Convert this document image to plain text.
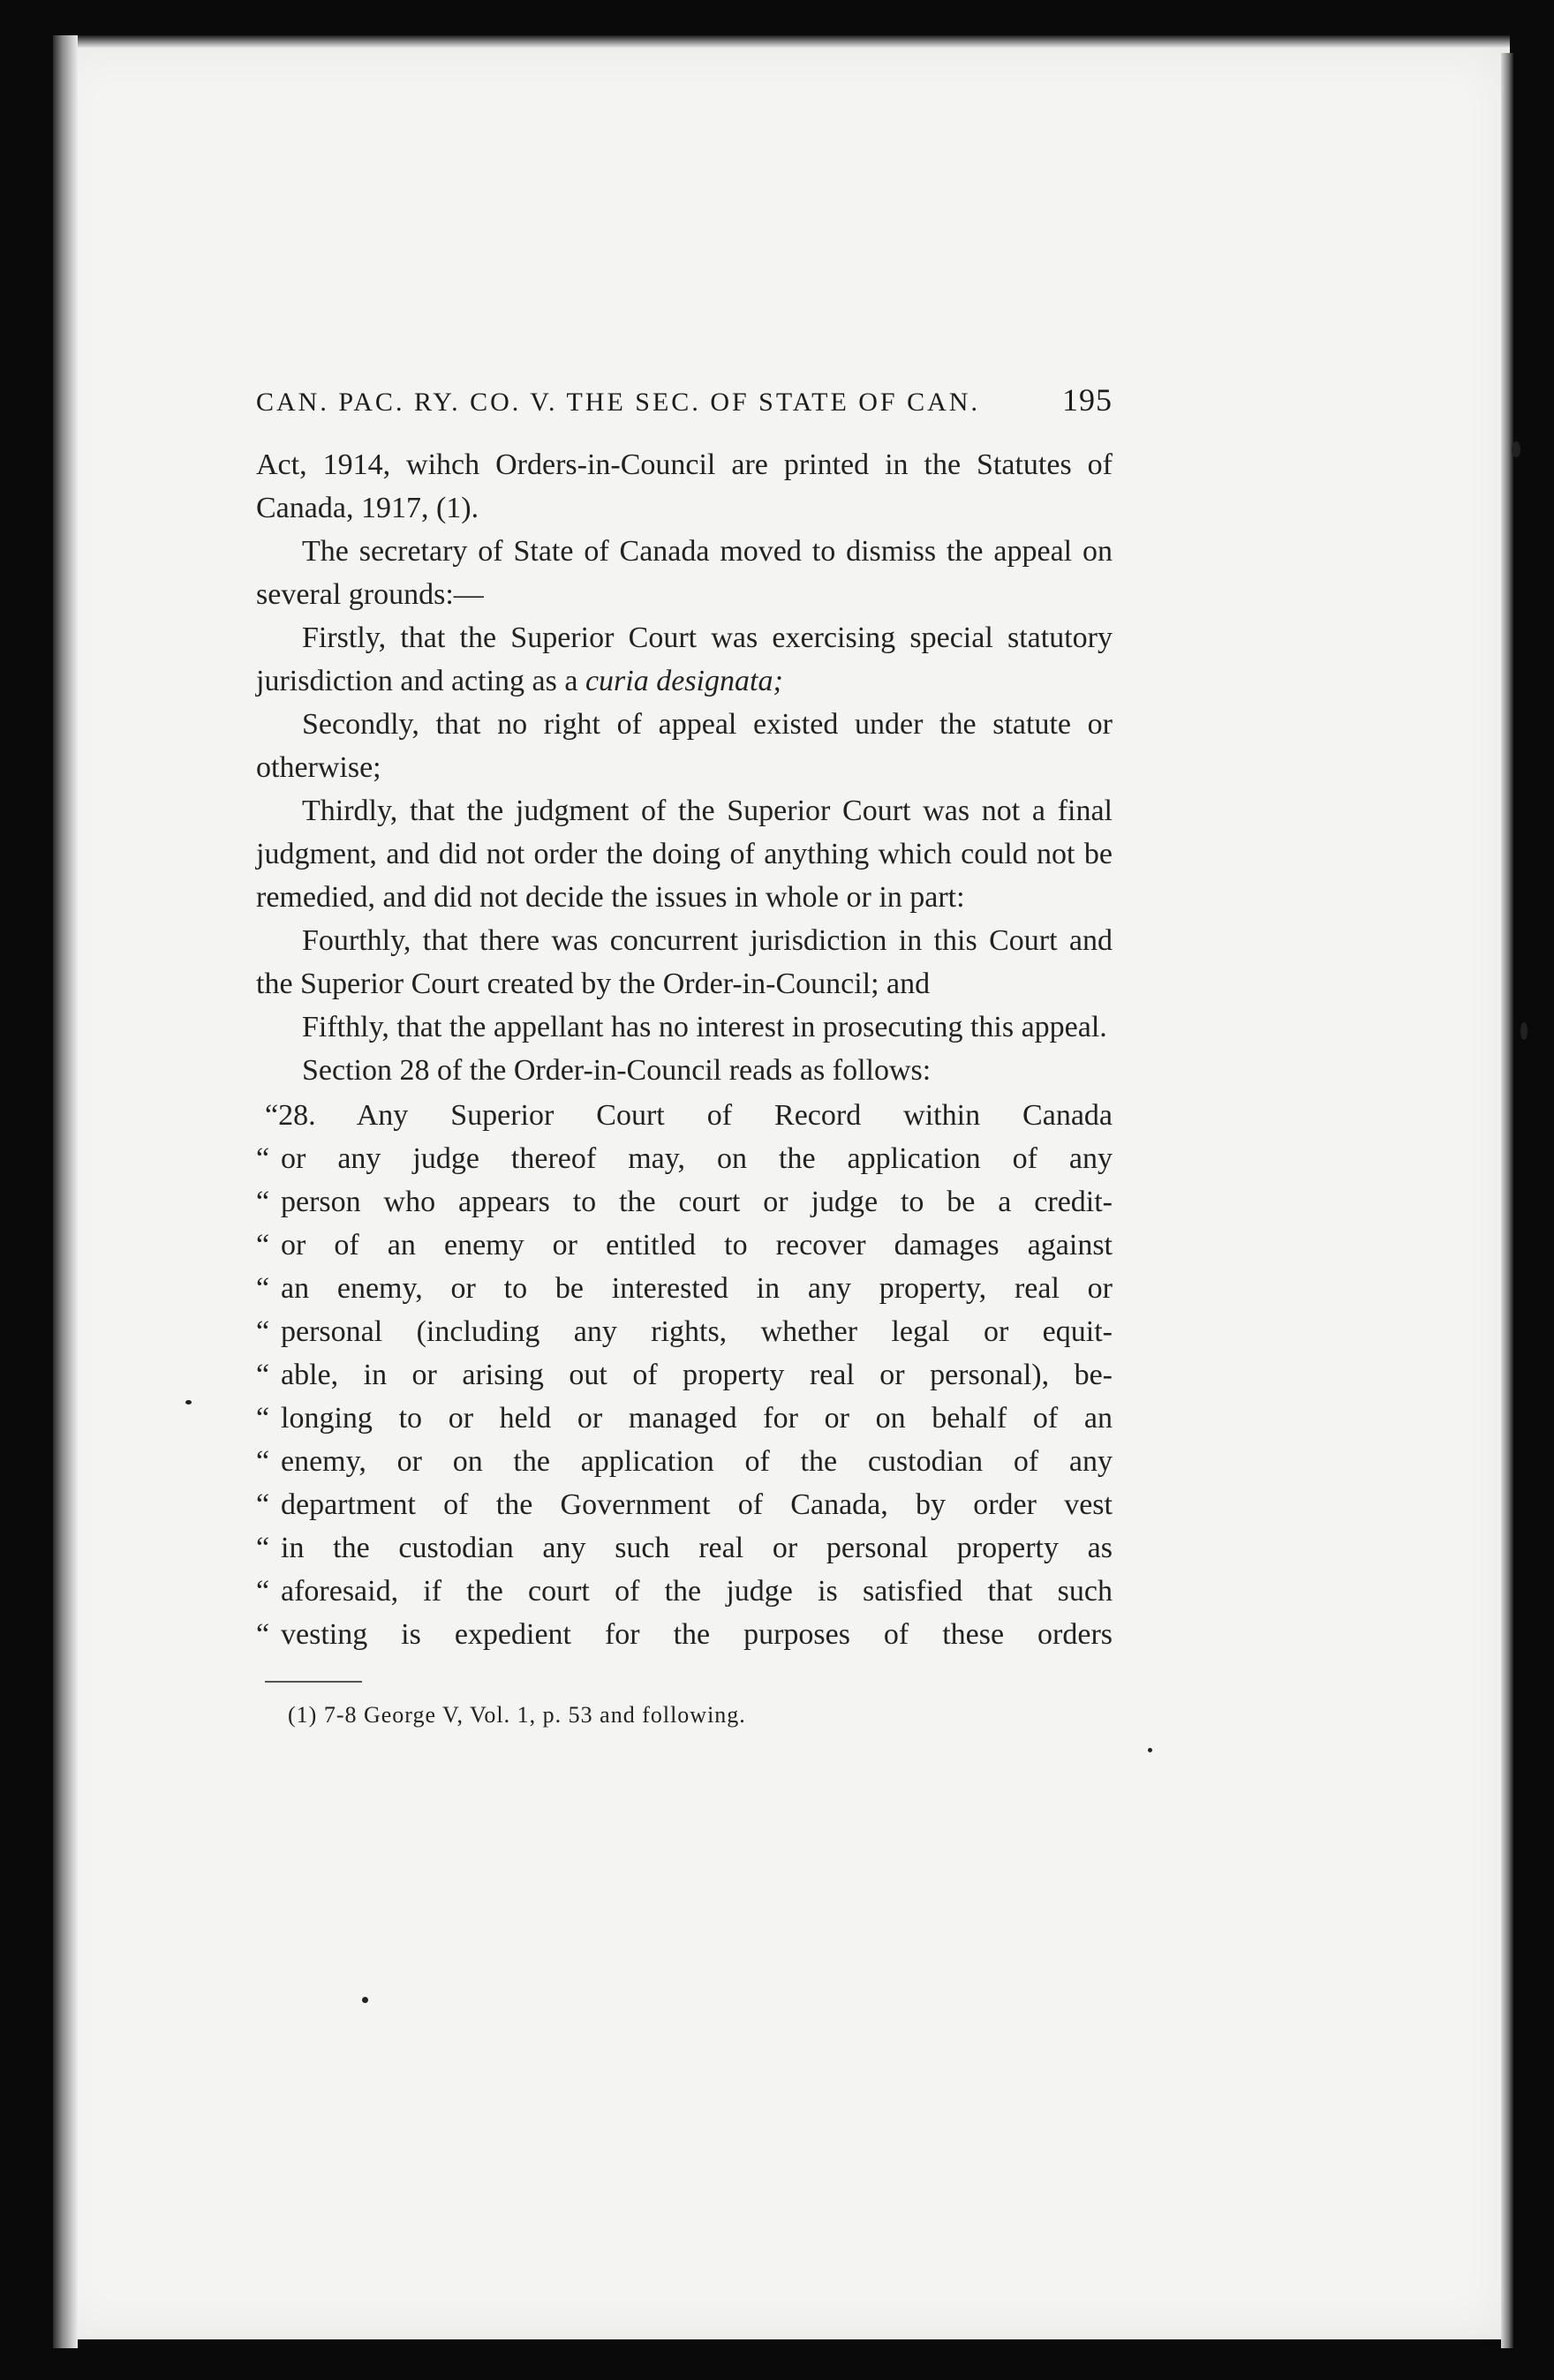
CAN. PAC. RY. CO. V. THE SEC. OF STATE OF CAN.	195

Act, 1914, wihch Orders-in-Council are printed in the Statutes of Canada, 1917, (1).

The secretary of State of Canada moved to dismiss the appeal on several grounds:—

Firstly, that the Superior Court was exercising special statutory jurisdiction and acting as a curia designata;

Secondly, that no right of appeal existed under the statute or otherwise;

Thirdly, that the judgment of the Superior Court was not a final judgment, and did not order the doing of anything which could not be remedied, and did not decide the issues in whole or in part:

Fourthly, that there was concurrent jurisdiction in this Court and the Superior Court created by the Order-in-Council; and

Fifthly, that the appellant has no interest in prosecuting this appeal.

Section 28 of the Order-in-Council reads as follows:

“28. Any Superior Court of Record within Canada

“ or any judge thereof may, on the application of any

“ person who appears to the court or judge to be a credit-

“ or of an enemy or entitled to recover damages against

“ an enemy, or to be interested in any property, real or

“ personal (including any rights, whether legal or equit-

“ able, in or arising out of property real or personal), be-

“ longing to or held or managed for or on behalf of an

“ enemy, or on the application of the custodian of any

“ department of the Government of Canada, by order vest

“ in the custodian any such real or personal property as

“ aforesaid, if the court of the judge is satisfied that such

“ vesting is expedient for the purposes of these orders

(1) 7-8 George V, Vol. 1, p. 53 and following.
